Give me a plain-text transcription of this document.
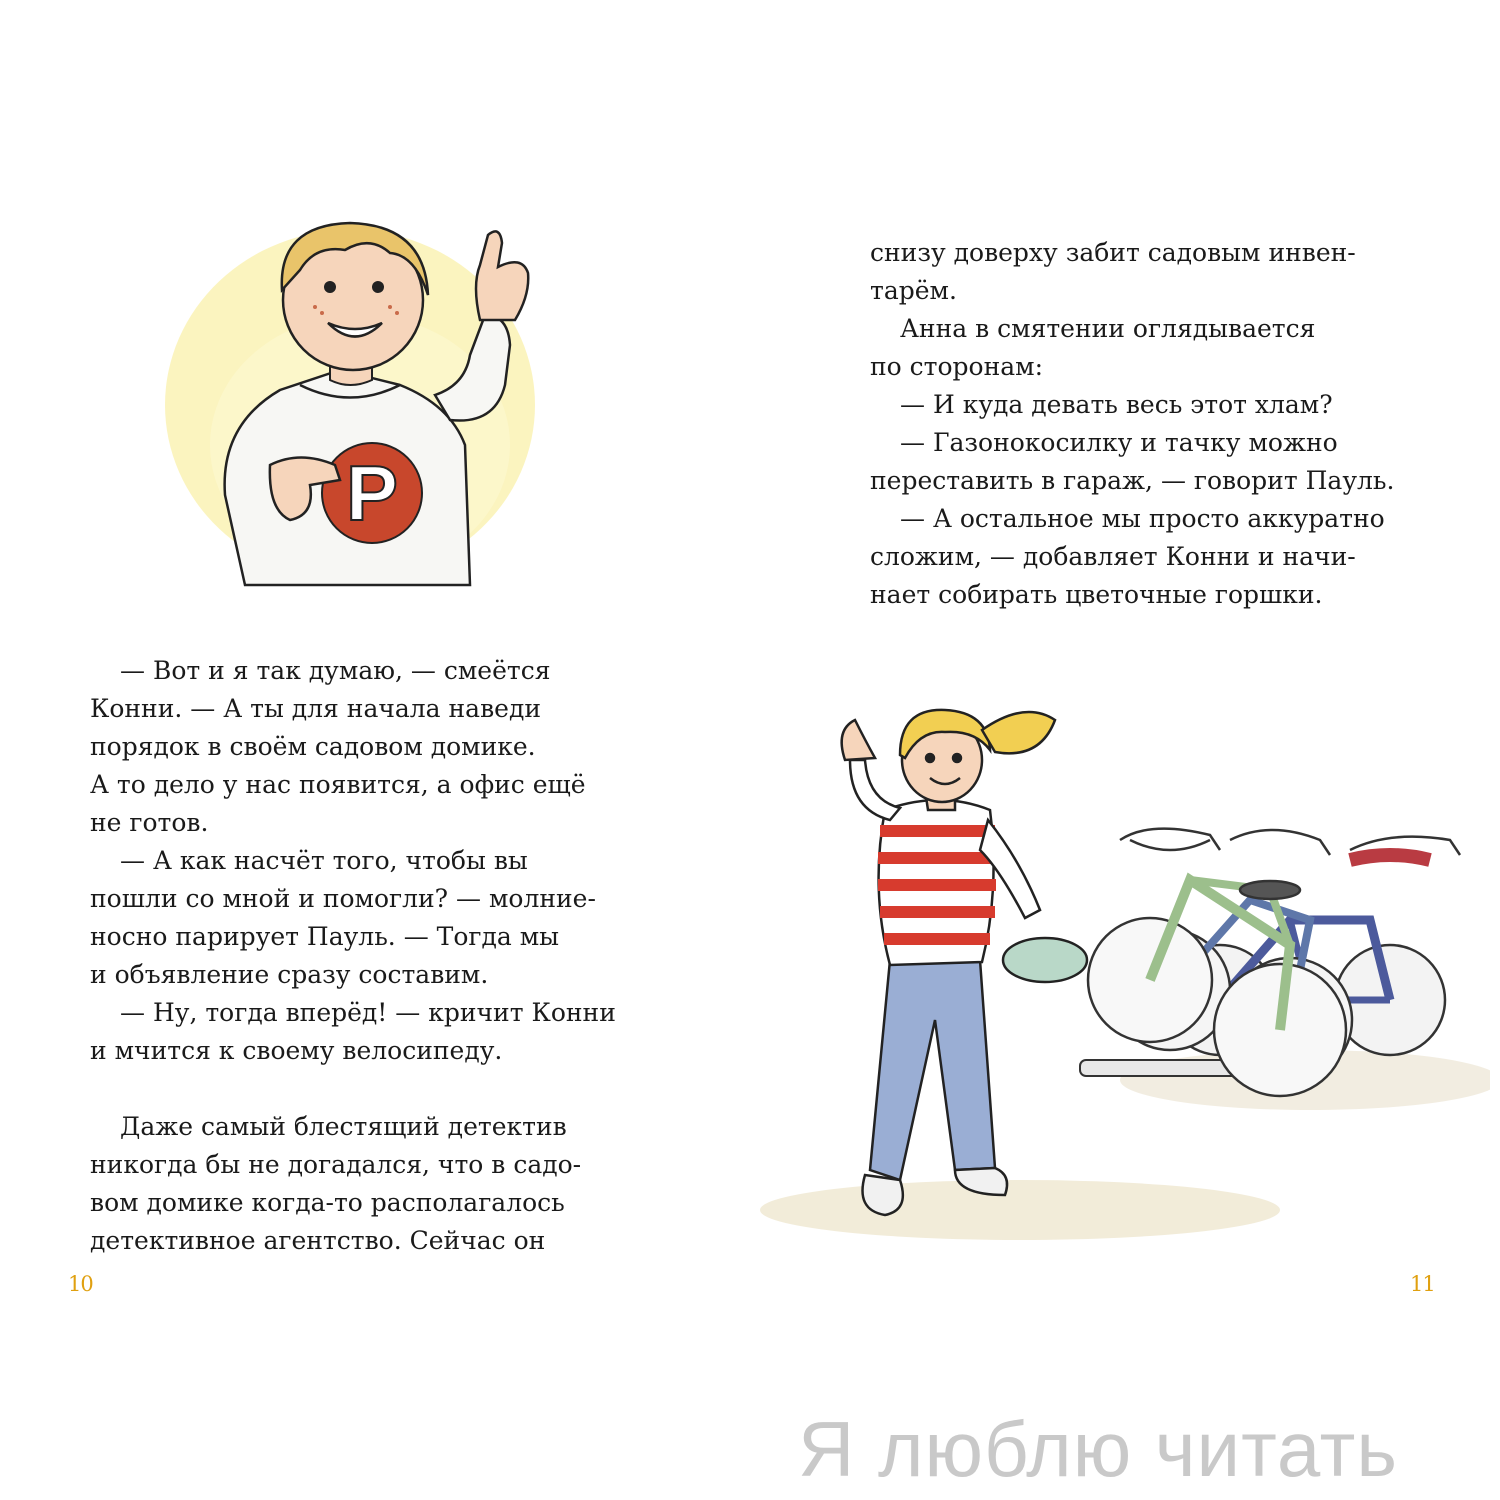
P
— Вот и я так думаю, — смеётся
Конни. — А ты для начала наведи
порядок в своём садовом домике.
А то дело у нас появится, а офис ещё
не готов.
— А как насчёт того, чтобы вы
пошли со мной и помогли? — молние-
носно парирует Пауль. — Тогда мы
и объявление сразу составим.
— Ну, тогда вперёд! — кричит Конни
и мчится к своему велосипеду.
Даже самый блестящий детектив
никогда бы не догадался, что в садо-
вом домике когда-то располагалось
детективное агентство. Сейчас он
10
снизу доверху забит садовым инвен-
тарём.
Анна в смятении оглядывается
по сторонам:
— И куда девать весь этот хлам?
— Газонокосилку и тачку можно
переставить в гараж, — говорит Пауль.
— А остальное мы просто аккуратно
сложим, — добавляет Конни и начи-
нает собирать цветочные горшки.
11
Я люблю читать
